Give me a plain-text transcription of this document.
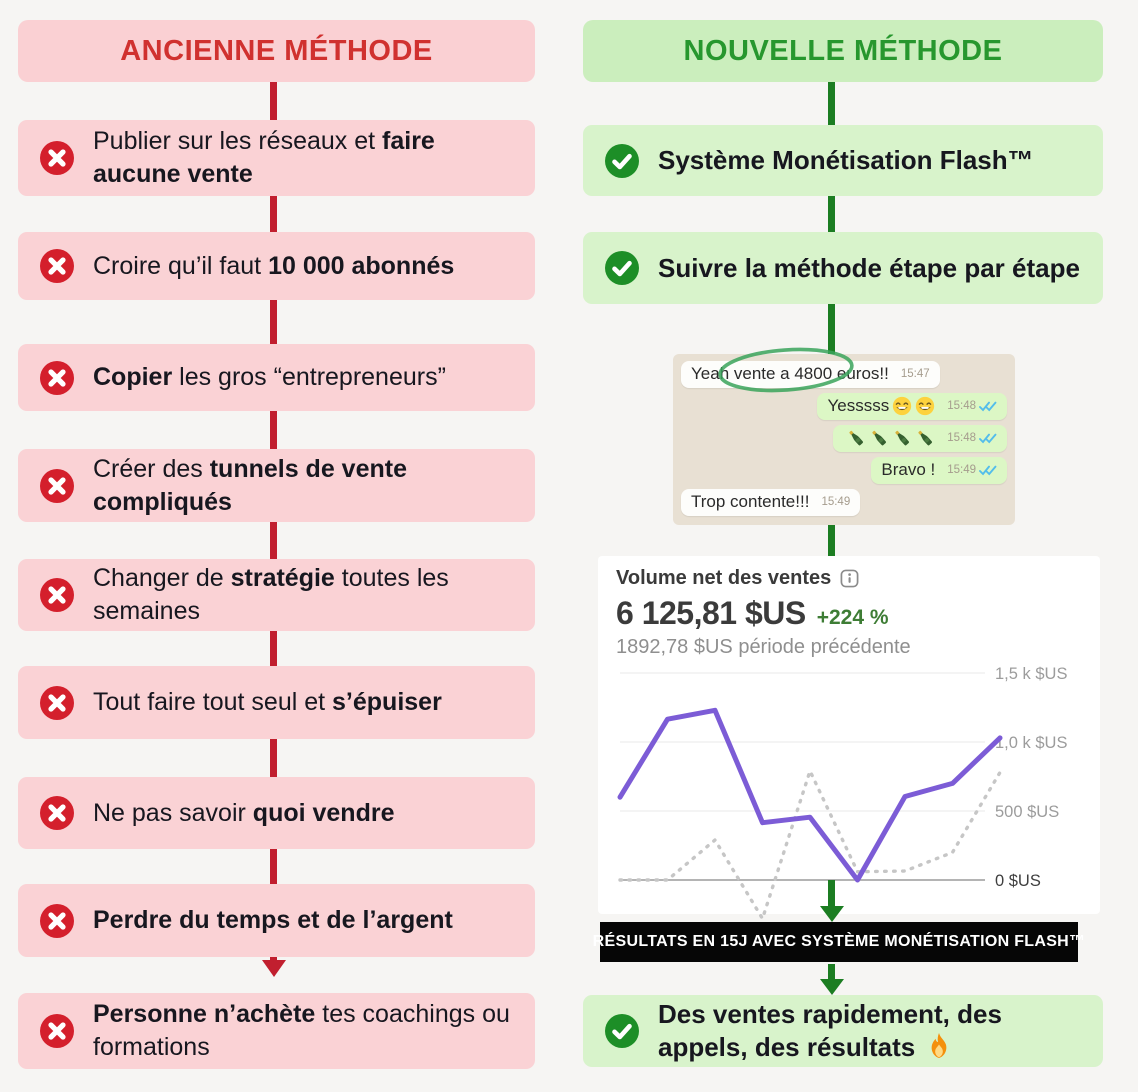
ANCIENNE MÉTHODE
Publier sur les réseaux et faire aucune vente
Croire qu’il faut 10 000 abonnés
Copier les gros “entrepreneurs”
Créer des tunnels de vente compliqués
Changer de stratégie toutes les semaines
Tout faire tout seul et s’épuiser
Ne pas savoir quoi vendre
Perdre du temps et de l’argent
Personne n’achète tes coachings ou formations
NOUVELLE MÉTHODE
Système Monétisation Flash™
Suivre la méthode étape par étape
Des ventes rapidement, des appels, des résultats
Yeah vente a 4800 euros!! 15:47
Yesssss	15:48
15:48
Bravo ! 15:49
Trop contente!!! 15:49
Volume net des ventes
6 125,81 $US +224 %
1892,78 $US période précédente
1,5 k $US
1,0 k $US
500 $US
0 $US
RÉSULTATS EN 15J AVEC SYSTÈME MONÉTISATION FLASH™
